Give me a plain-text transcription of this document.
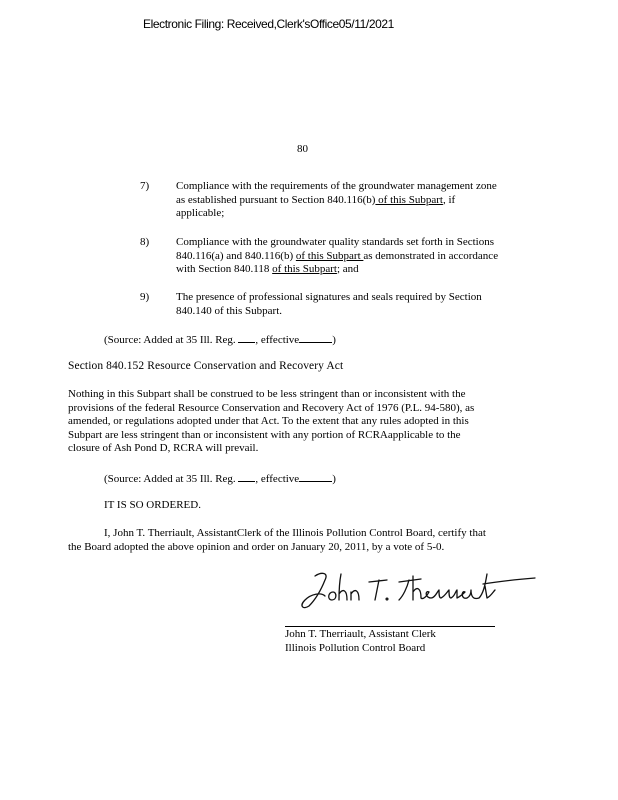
Electronic Filing: Received,Clerk'sOffice05/11/2021
80
7) Compliance with the requirements of the groundwater management zone
as established pursuant to Section 840.116(b) of this Subpart, if
applicable;
8) Compliance with the groundwater quality standards set forth in Sections
840.116(a) and 840.116(b) of this Subpart as demonstrated in accordance
with Section 840.118 of this Subpart; and
9) The presence of professional signatures and seals required by Section
840.140 of this Subpart.
(Source: Added at 35 Ill. Reg. , effective	)
Section 840.152 Resource Conservation and Recovery Act
Nothing in this Subpart shall be construed to be less stringent than or inconsistent with the
provisions of the federal Resource Conservation and Recovery Act of 1976 (P.L. 94-580), as
amended, or regulations adopted under that Act. To the extent that any rules adopted in this
Subpart are less stringent than or inconsistent with any portion of RCRAapplicable to the
closure of Ash Pond D, RCRA will prevail.
(Source: Added at 35 Ill. Reg. , effective	)
IT IS SO ORDERED.
I, John T. Therriault, AssistantClerk of the Illinois Pollution Control Board, certify that
the Board adopted the above opinion and order on January 20, 2011, by a vote of 5-0.
John T. Therriault, Assistant Clerk
Illinois Pollution Control Board
